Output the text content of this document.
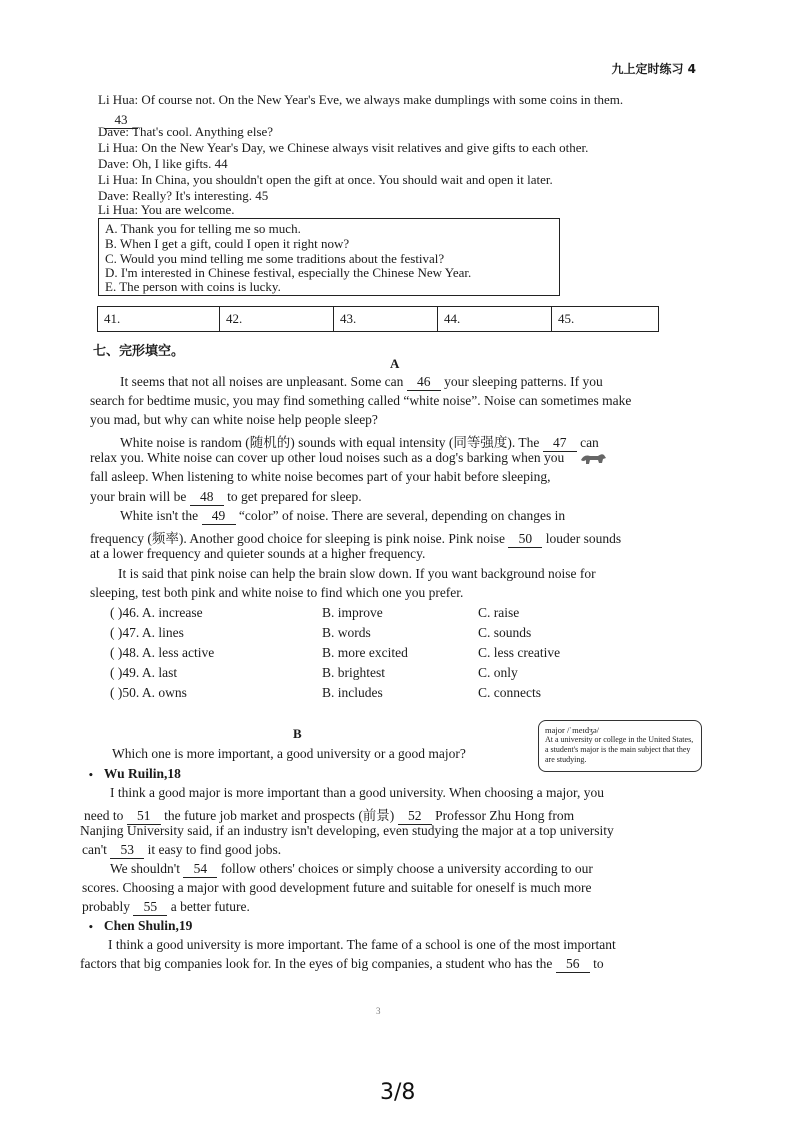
九上定时练习 4
Li Hua: Of course not. On the New Year's Eve, we always make dumplings with some coins in them.
43
Dave: That's cool. Anything else?
Li Hua: On the New Year's Day, we Chinese always visit relatives and give gifts to each other.
Dave: Oh, I like gifts. 44
Li Hua: In China, you shouldn't open the gift at once. You should wait and open it later.
Dave: Really? It's interesting. 45
Li Hua: You are welcome.
A. Thank you for telling me so much.
B. When I get a gift, could I open it right now?
C. Would you mind telling me some traditions about the festival?
D. I'm interested in Chinese festival, especially the Chinese New Year.
E. The person with coins is lucky.
41.	42.	43.	44.	45.
七、完形填空。
A
It seems that not all noises are unpleasant. Some can 46 your sleeping patterns. If you
search for bedtime music, you may find something called “white noise”. Noise can sometimes make
you mad, but why can white noise help people sleep?
White noise is random (随机的) sounds with equal intensity (同等强度). The 47 can
relax you. White noise can cover up other loud noises such as a dog's barking when you
fall asleep. When listening to white noise becomes part of your habit before sleeping,
your brain will be 48 to get prepared for sleep.
White isn't the 49 “color” of noise. There are several, depending on changes in
frequency (频率). Another good choice for sleeping is pink noise. Pink noise 50 louder sounds
at a lower frequency and quieter sounds at a higher frequency.
It is said that pink noise can help the brain slow down. If you want background noise for
sleeping, test both pink and white noise to find which one you prefer.
( )46. A. increase	B. improve	C. raise
( )47. A. lines	B. words	C. sounds
( )48. A. less active	B. more excited	C. less creative
( )49. A. last	B. brightest	C. only
( )50. A. owns	B. includes	C. connects
B	major /ˈmeɪdʒə/
At a university or college in the United States, a student's major is the main subject that they are studying.
Which one is more important, a good university or a good major?
• Wu Ruilin,18
I think a good major is more important than a good university. When choosing a major, you
need to 51 the future job market and prospects (前景) 52 Professor Zhu Hong from
Nanjing University said, if an industry isn't developing, even studying the major at a top university
can't 53 it easy to find good jobs.
We shouldn't 54 follow others' choices or simply choose a university according to our
scores. Choosing a major with good development future and suitable for oneself is much more
probably 55 a better future.
• Chen Shulin,19
I think a good university is more important. The fame of a school is one of the most important
factors that big companies look for. In the eyes of big companies, a student who has the 56 to
3
3/8
